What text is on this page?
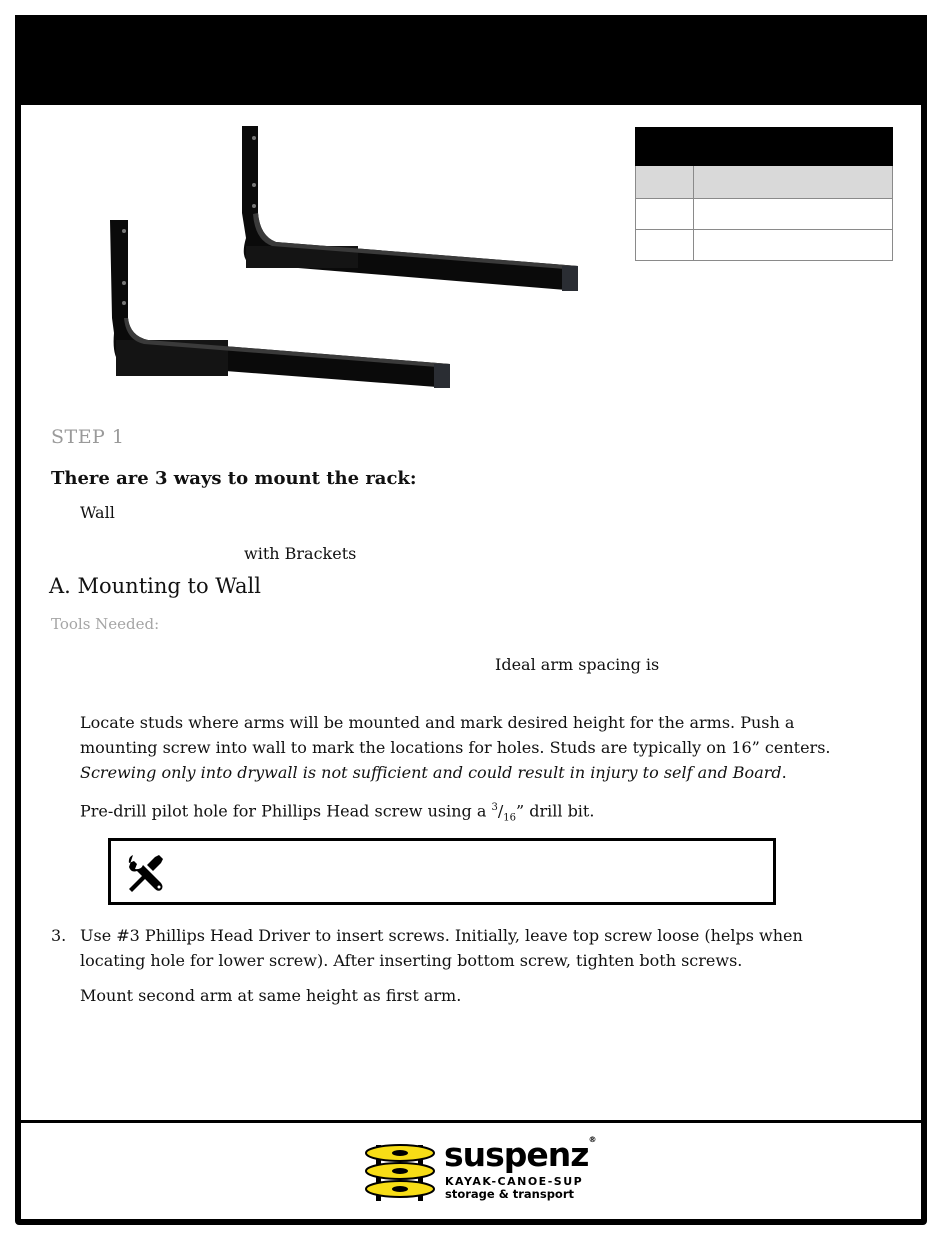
STEP 1
There are 3 ways to mount the rack:
Wall
with Brackets
A. Mounting to Wall
Tools Needed:
Ideal arm spacing is
Locate studs where arms will be mounted and mark desired height for the arms. Push a mounting screw into wall to mark the locations for holes. Studs are typically on 16” centers. Screwing only into drywall is not sufficient and could result in injury to self and Board.
Pre-drill pilot hole for Phillips Head screw using a $^3/_{16}$” drill bit.
3. Use #3 Phillips Head Driver to insert screws. Initially, leave top screw loose (helps when locating hole for lower screw). After inserting bottom screw, tighten both screws.
Mount second arm at same height as first arm.
suspenz®
KAYAK-CANOE-SUP
storage & transport
